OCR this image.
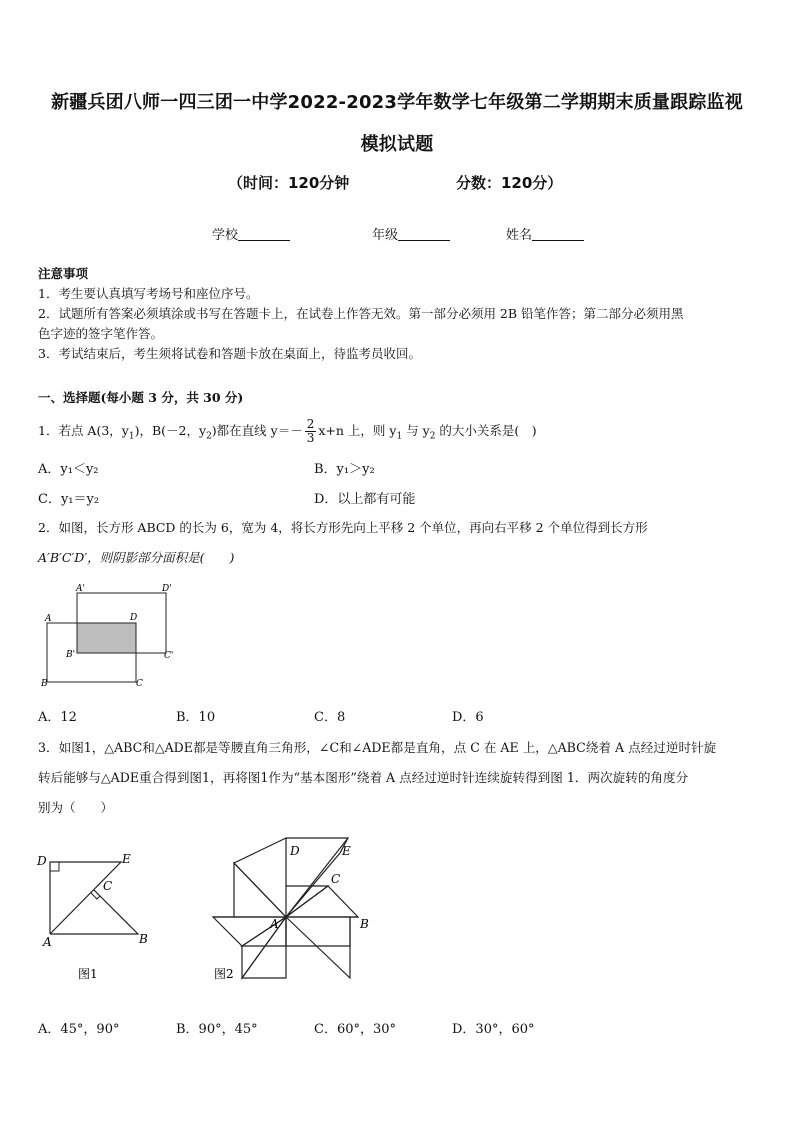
新疆兵团八师一四三团一中学2022-2023学年数学七年级第二学期期末质量跟踪监视
模拟试题
（时间：120分钟	分数：120分）
学校	年级	姓名
注意事项
1．考生要认真填写考场号和座位序号。
2．试题所有答案必须填涂或书写在答题卡上，在试卷上作答无效。第一部分必须用 2B 铅笔作答；第二部分必须用黑
色字迹的签字笔作答。
3．考试结束后，考生须将试卷和答题卡放在桌面上，待监考员收回。
一、选择题(每小题 3 分，共 30 分)
1．若点 A(3，$y_1$)，B(－2，$y_2$)都在直线 $y=- \frac{2}{3} x+n$ 上，则 $y_1$ 与 $y_2$ 的大小关系是(　)
A．y₁＜y₂	B．y₁＞y₂
C．y₁＝y₂	D．以上都有可能
2．如图，长方形 ABCD 的长为 6，宽为 4，将长方形先向上平移 2 个单位，再向右平移 2 个单位得到长方形
A′B′C′D′，则阴影部分面积是(　　)
A
B	C
D
A'
B'	C'
D'
A．12	B．10	C．8	D．6
3．如图1，△ABC和△ADE都是等腰直角三角形，∠C和∠ADE都是直角，点 C 在 AE 上，△ABC绕着 A 点经过逆时针旋
转后能够与△ADE重合得到图1，再将图1作为“基本图形”绕着 A 点经过逆时针连续旋转得到图 1．两次旋转的角度分
别为（　　）
D	E
C
A	B
图1
D	E
C
A	B
图2
A．45°，90°	B．90°，45°	C．60°，30°	D．30°，60°
